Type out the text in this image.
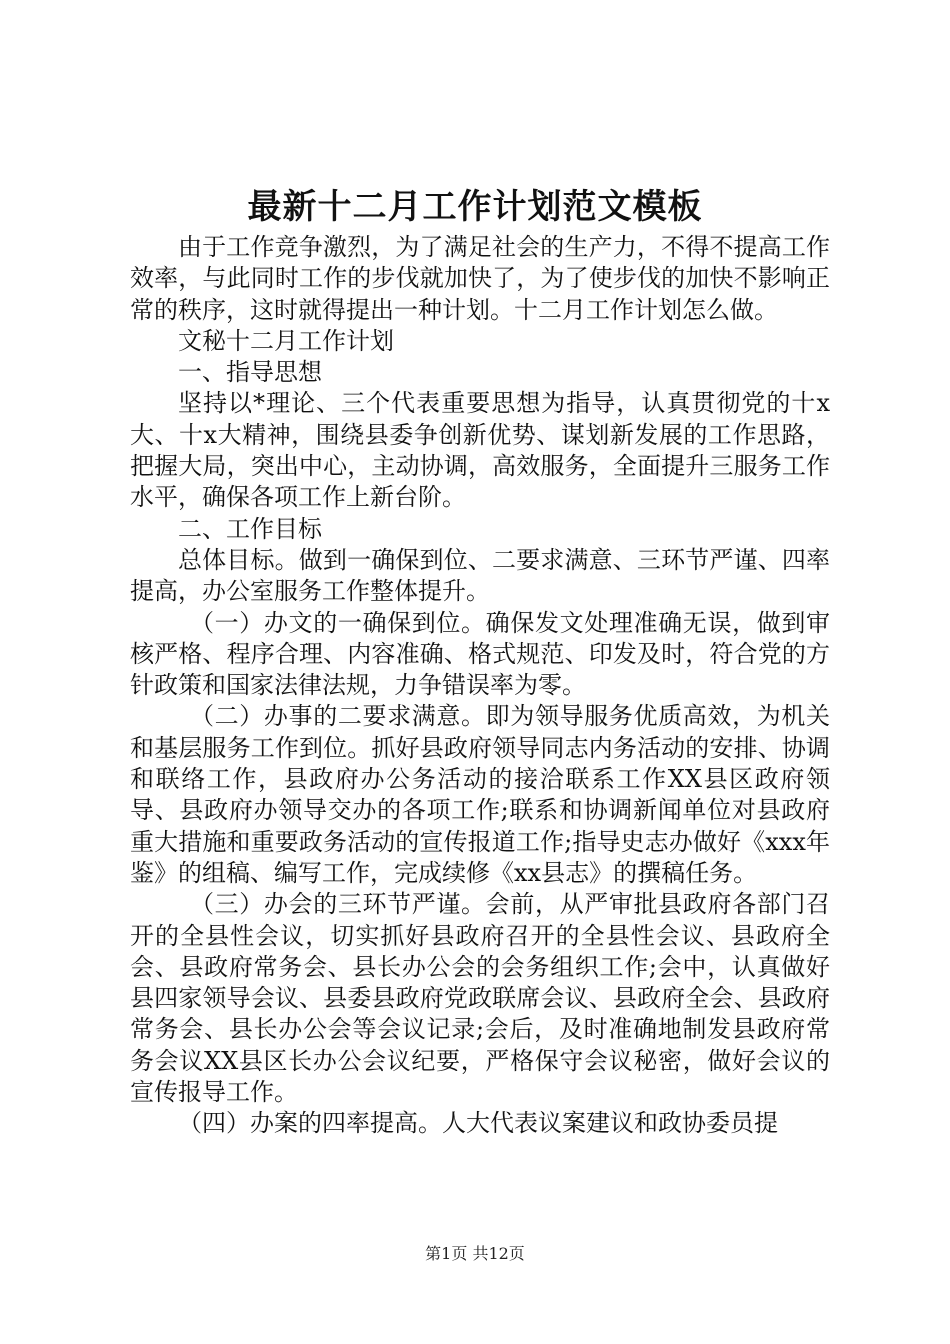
最新十二月工作计划范文模板

由于工作竞争激烈，为了满足社会的生产力，不得不提高工作效率，与此同时工作的步伐就加快了，为了使步伐的加快不影响正常的秩序，这时就得提出一种计划。十二月工作计划怎么做。

文秘十二月工作计划

一、指导思想

坚持以*理论、三个代表重要思想为指导，认真贯彻党的十x大、十x大精神，围绕县委争创新优势、谋划新发展的工作思路，把握大局，突出中心，主动协调，高效服务，全面提升三服务工作水平，确保各项工作上新台阶。

二、工作目标

总体目标。做到一确保到位、二要求满意、三环节严谨、四率提高，办公室服务工作整体提升。

（一）办文的一确保到位。确保发文处理准确无误，做到审核严格、程序合理、内容准确、格式规范、印发及时，符合党的方针政策和国家法律法规，力争错误率为零。

（二）办事的二要求满意。即为领导服务优质高效，为机关和基层服务工作到位。抓好县政府领导同志内务活动的安排、协调和联络工作，县政府办公务活动的接洽联系工作XX县区政府领导、县政府办领导交办的各项工作;联系和协调新闻单位对县政府重大措施和重要政务活动的宣传报道工作;指导史志办做好《xxx年鉴》的组稿、编写工作，完成续修《xx县志》的撰稿任务。

（三）办会的三环节严谨。会前，从严审批县政府各部门召开的全县性会议，切实抓好县政府召开的全县性会议、县政府全会、县政府常务会、县长办公会的会务组织工作;会中，认真做好县四家领导会议、县委县政府党政联席会议、县政府全会、县政府常务会、县长办公会等会议记录;会后，及时准确地制发县政府常务会议XX县区长办公会议纪要，严格保守会议秘密，做好会议的宣传报导工作。

（四）办案的四率提高。人大代表议案建议和政协委员提

第1页 共12页
